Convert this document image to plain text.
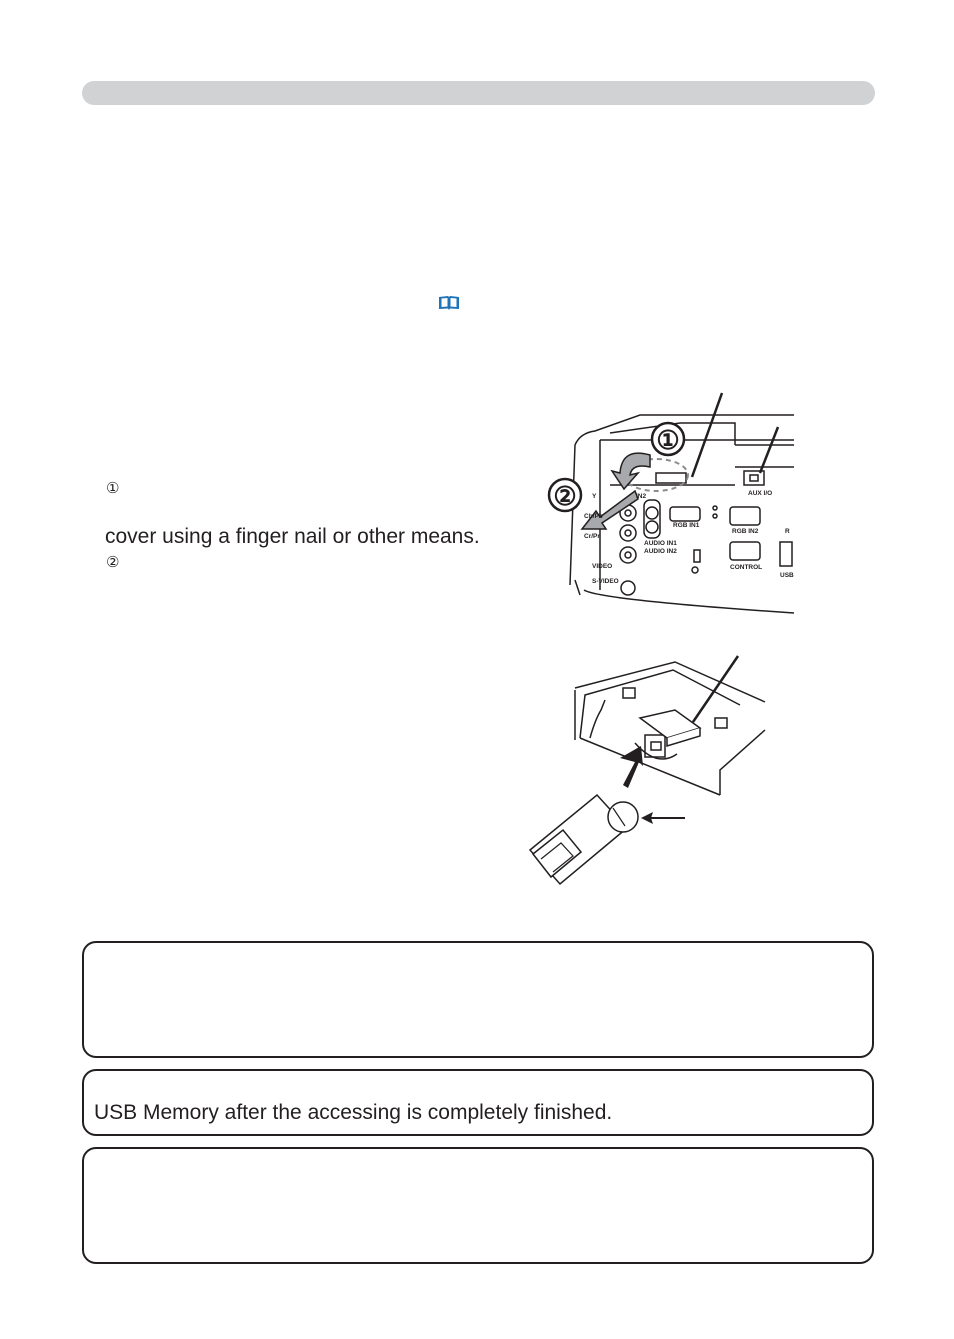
①
cover using a finger nail or other means.
②
①
② Y	IN2
Cb/Pb
Cr/Pr
VIDEO
S-VIDEO
AUDIO IN1
AUDIO IN2
RGB IN1
RGB IN2
CONTROL
AUX I/O
USB
R
USB Memory after the accessing is completely finished.
